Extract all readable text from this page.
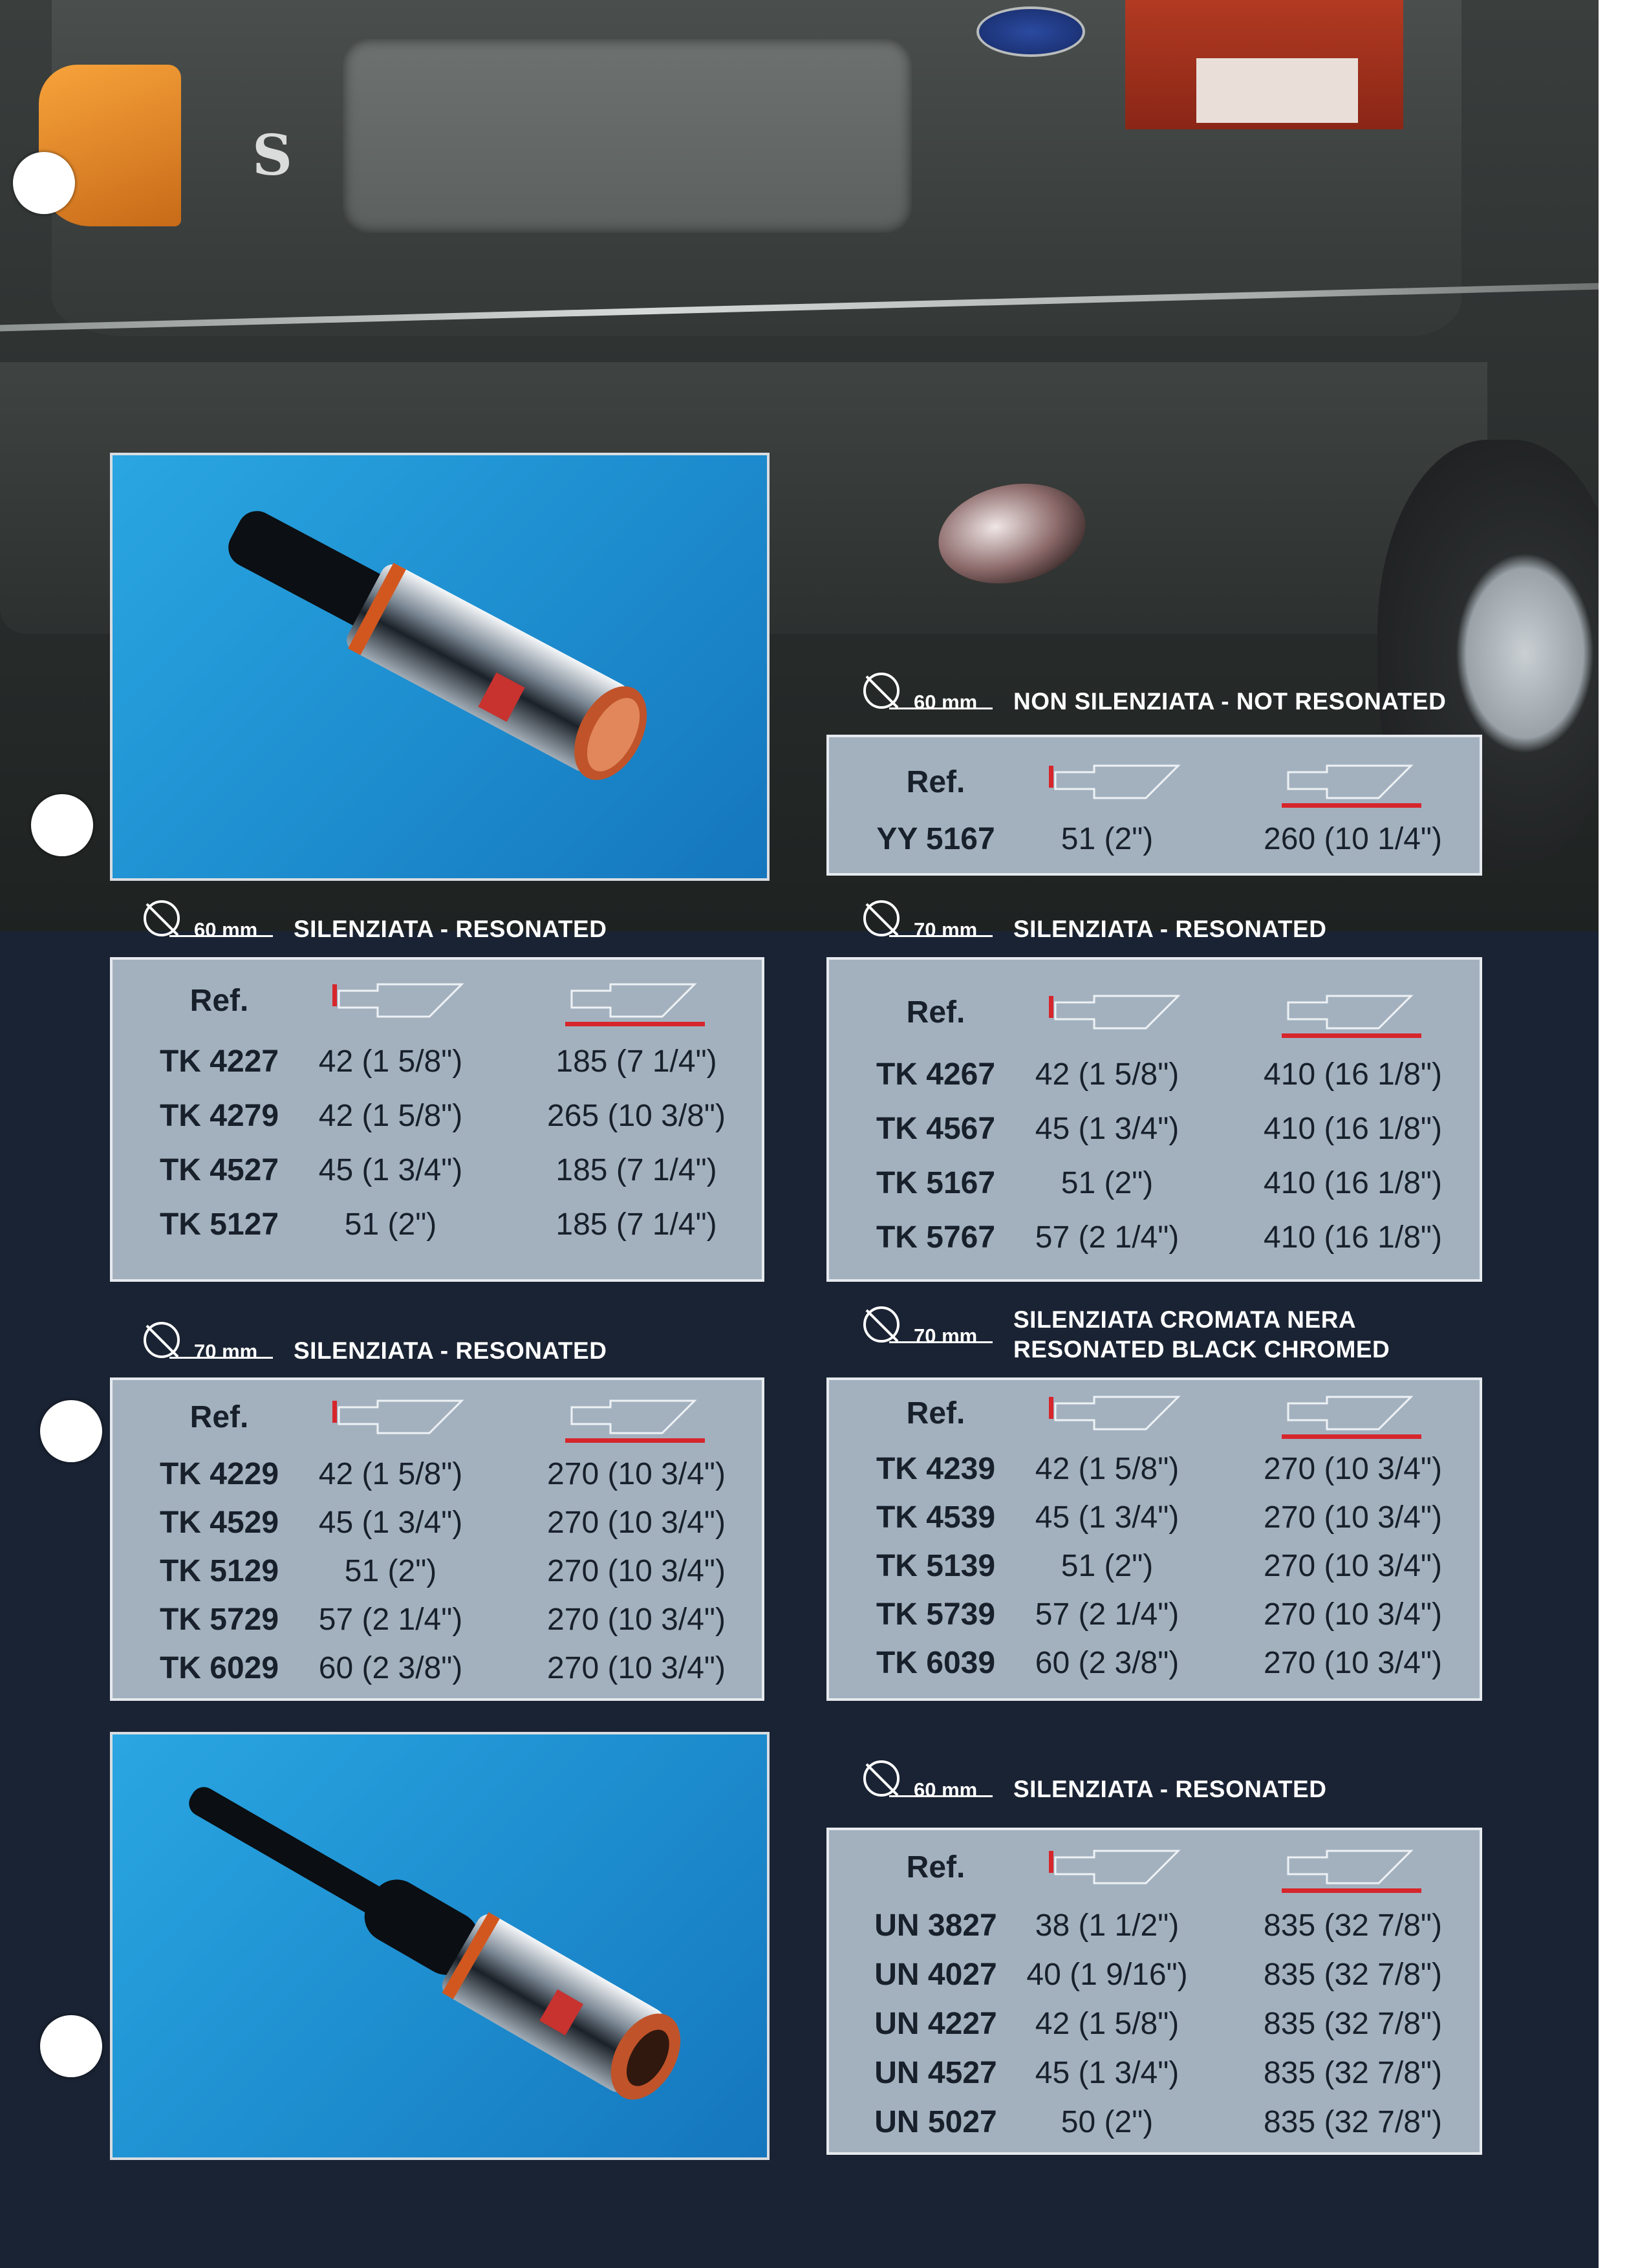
S
60 mm NON SILENZIATA - NOT RESONATED
Ref.
YY 5167	51 (2")	260 (10 1/4")
60 mm SILENZIATA - RESONATED
Ref.
TK 4227	42 (1 5/8")	185 (7 1/4")
TK 4279	42 (1 5/8")	265 (10 3/8")
TK 4527	45 (1 3/4")	185 (7 1/4")
TK 5127	51 (2")	185 (7 1/4")
70 mm SILENZIATA - RESONATED
Ref.
TK 4267	42 (1 5/8")	410 (16 1/8")
TK 4567	45 (1 3/4")	410 (16 1/8")
TK 5167	51 (2")	410 (16 1/8")
TK 5767	57 (2 1/4")	410 (16 1/8")
70 mm SILENZIATA - RESONATED
Ref.
TK 4229	42 (1 5/8")	270 (10 3/4")
TK 4529	45 (1 3/4")	270 (10 3/4")
TK 5129	51 (2")	270 (10 3/4")
TK 5729	57 (2 1/4")	270 (10 3/4")
TK 6029	60 (2 3/8")	270 (10 3/4")
70 mm
SILENZIATA CROMATA NERA
RESONATED BLACK CHROMED
Ref.
TK 4239	42 (1 5/8")	270 (10 3/4")
TK 4539	45 (1 3/4")	270 (10 3/4")
TK 5139	51 (2")	270 (10 3/4")
TK 5739	57 (2 1/4")	270 (10 3/4")
TK 6039	60 (2 3/8")	270 (10 3/4")
60 mm SILENZIATA - RESONATED
Ref.
UN 3827	38 (1 1/2")	835 (32 7/8")
UN 4027 40 (1 9/16")	835 (32 7/8")
UN 4227	42 (1 5/8")	835 (32 7/8")
UN 4527	45 (1 3/4")	835 (32 7/8")
UN 5027	50 (2")	835 (32 7/8")
